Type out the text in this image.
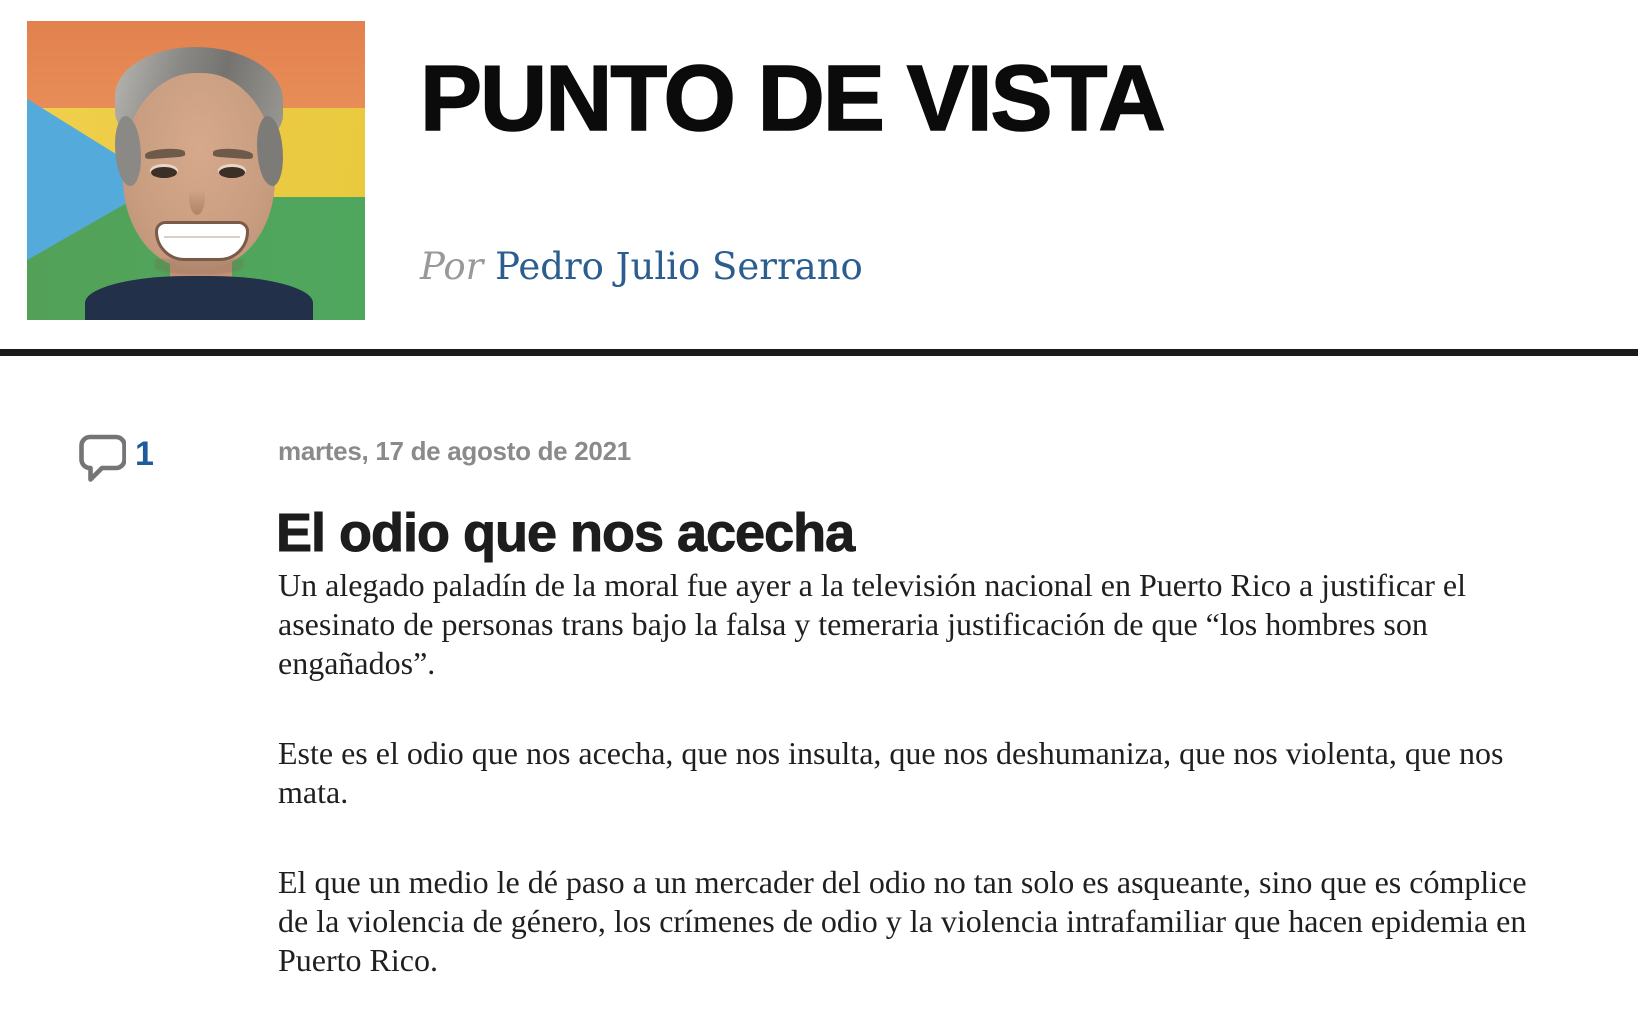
PUNTO DE VISTA
Por Pedro Julio Serrano
1	martes, 17 de agosto de 2021
El odio que nos acecha

Un alegado paladín de la moral fue ayer a la televisión nacional en Puerto Rico a justificar el asesinato de personas trans bajo la falsa y temeraria justificación de que “los hombres son engañados”.

Este es el odio que nos acecha, que nos insulta, que nos deshumaniza, que nos violenta, que nos mata.

El que un medio le dé paso a un mercader del odio no tan solo es asqueante, sino que es cómplice de la violencia de género, los crímenes de odio y la violencia intrafamiliar que hacen epidemia en Puerto Rico.
